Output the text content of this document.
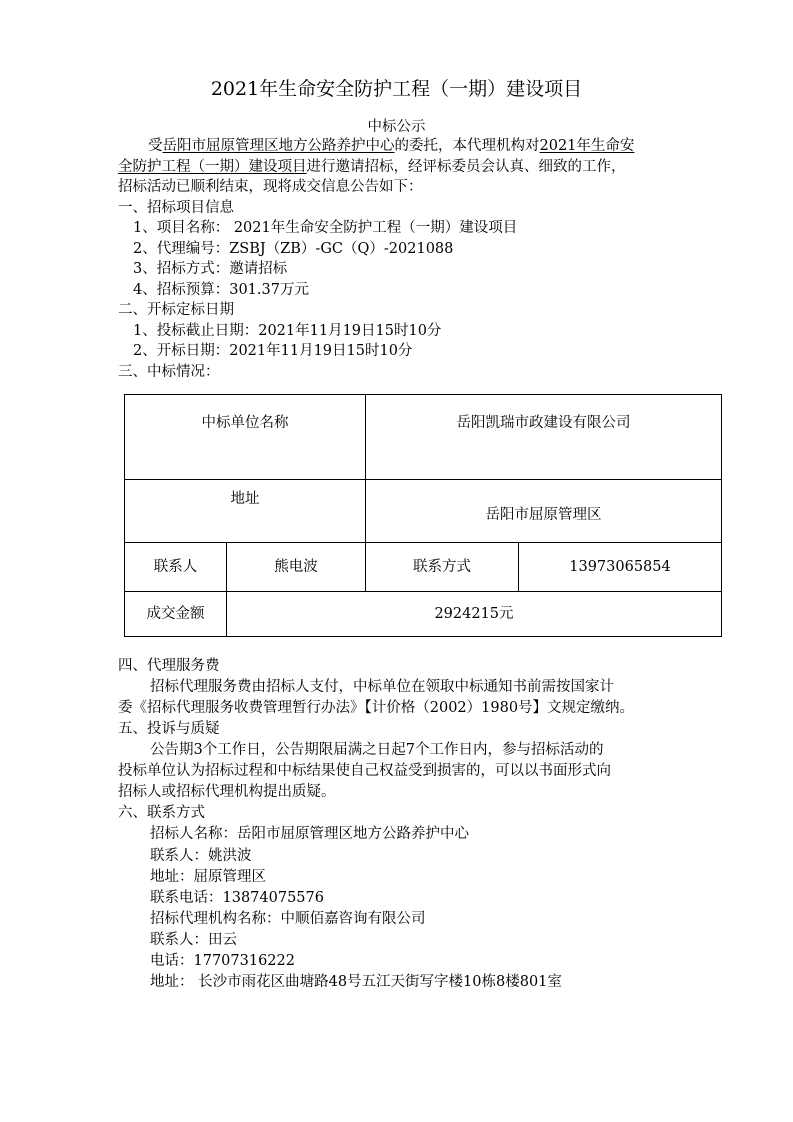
2021年生命安全防护工程（一期）建设项目
中标公示
受岳阳市屈原管理区地方公路养护中心的委托，本代理机构对2021年生命安
全防护工程（一期）建设项目进行邀请招标，经评标委员会认真、细致的工作，
招标活动已顺利结束，现将成交信息公告如下：
一、招标项目信息
1、项目名称： 2021年生命安全防护工程（一期）建设项目
2、代理编号：ZSBJ（ZB）-GC（Q）-2021088
3、招标方式：邀请招标
4、招标预算：301.37万元
二、开标定标日期
1、投标截止日期：2021年11月19日15时10分
2、开标日期：2021年11月19日15时10分
三、中标情况：
中标单位名称		岳阳凯瑞市政建设有限公司	

地址		岳阳市屈原管理区	

联系人	熊电波	联系方式	13973065854
成交金额	2924215元		
四、代理服务费
招标代理服务费由招标人支付，中标单位在领取中标通知书前需按国家计
委《招标代理服务收费管理暂行办法》【计价格（2002）1980号】文规定缴纳。
五、投诉与质疑
公告期3个工作日，公告期限届满之日起7个工作日内，参与招标活动的
投标单位认为招标过程和中标结果使自己权益受到损害的，可以以书面形式向
招标人或招标代理机构提出质疑。
六、联系方式
招标人名称：岳阳市屈原管理区地方公路养护中心
联系人：姚洪波
地址：屈原管理区
联系电话：13874075576
招标代理机构名称：中顺佰嘉咨询有限公司
联系人：田云
电话：17707316222
地址： 长沙市雨花区曲塘路48号五江天街写字楼10栋8楼801室
